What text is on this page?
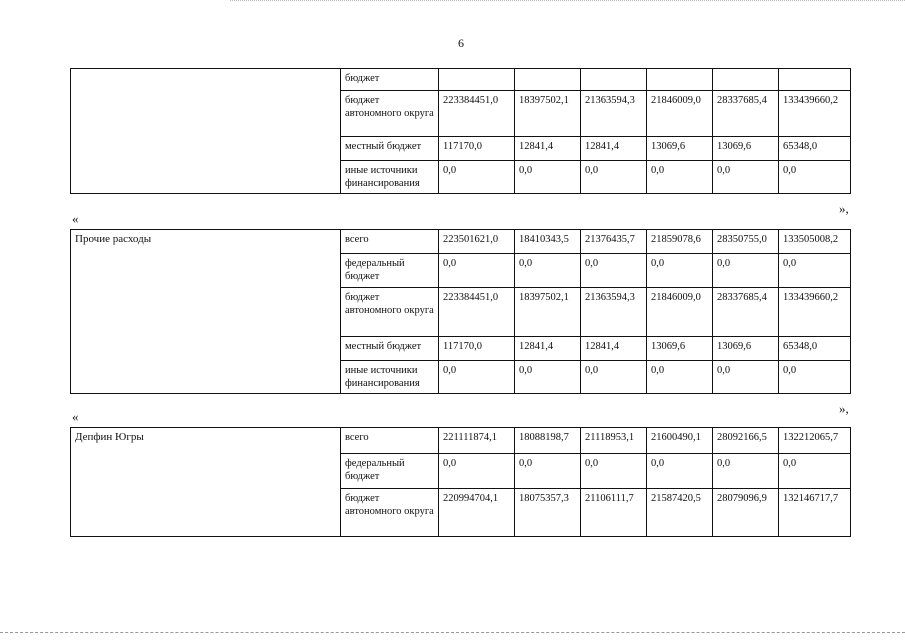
6
	бюджет						
	бюджет автономного округа	223384451,0	18397502,1	21363594,3	21846009,0	28337685,4	133439660,2
	местный бюджет	117170,0	12841,4	12841,4	13069,6	13069,6	65348,0
	иные источники финансирования	0,0	0,0	0,0	0,0	0,0	0,0
»,
«
Прочие расходы	всего	223501621,0	18410343,5	21376435,7	21859078,6	28350755,0	133505008,2
	федеральный бюджет	0,0	0,0	0,0	0,0	0,0	0,0
	бюджет автономного округа	223384451,0	18397502,1	21363594,3	21846009,0	28337685,4	133439660,2
	местный бюджет	117170,0	12841,4	12841,4	13069,6	13069,6	65348,0
	иные источники финансирования	0,0	0,0	0,0	0,0	0,0	0,0
»,
«
Депфин Югры	всего	221111874,1	18088198,7	21118953,1	21600490,1	28092166,5	132212065,7
	федеральный бюджет	0,0	0,0	0,0	0,0	0,0	0,0
	бюджет автономного округа	220994704,1	18075357,3	21106111,7	21587420,5	28079096,9	132146717,7
